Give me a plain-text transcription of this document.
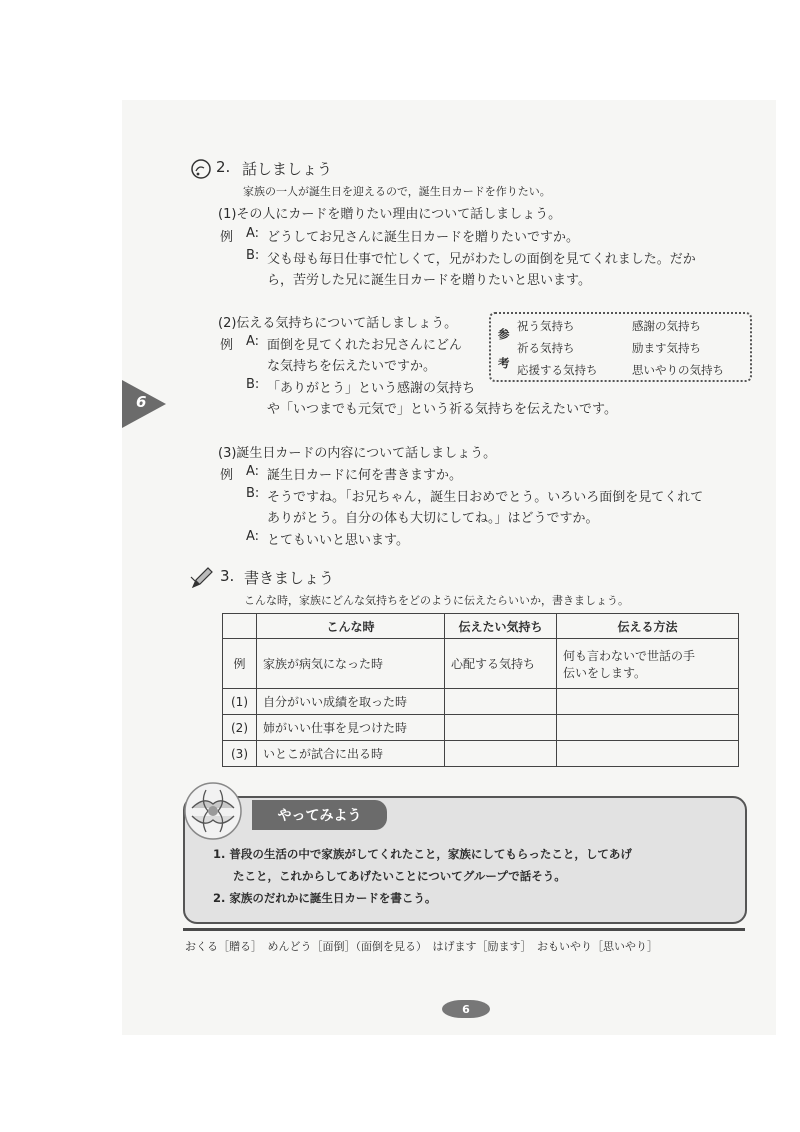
6
2. 話しましょう
家族の一人が誕生日を迎えるので，誕生日カードを作りたい。
(1)その人にカードを贈りたい理由について話しましょう。
例 A: どうしてお兄さんに誕生日カードを贈りたいですか。
B: 父も母も毎日仕事で忙しくて，兄がわたしの面倒を見てくれました。だか
ら，苦労した兄に誕生日カードを贈りたいと思います。
(2)伝える気持ちについて話しましょう。
例 A: 面倒を見てくれたお兄さんにどん
な気持ちを伝えたいですか。
B: 「ありがとう」という感謝の気持ち
や「いつまでも元気で」という祈る気持ちを伝えたいです。
参
考
祝う気持ち	感謝の気持ち
祈る気持ち	励ます気持ち
応援する気持ち	思いやりの気持ち
(3)誕生日カードの内容について話しましょう。
例 A: 誕生日カードに何を書きますか。
B: そうですね。「お兄ちゃん，誕生日おめでとう。いろいろ面倒を見てくれて
ありがとう。自分の体も大切にしてね。」はどうですか。
A: とてもいいと思います。
3. 書きましょう
こんな時，家族にどんな気持ちをどのように伝えたらいいか，書きましょう。
	こんな時	伝えたい気持ち	伝える方法
例	家族が病気になった時	心配する気持ち	何も言わないで世話の手
伝いをします。

(1)	自分がいい成績を取った時		
(2)	姉がいい仕事を見つけた時		
(3)	いとこが試合に出る時		
やってみよう
1. 普段の生活の中で家族がしてくれたこと，家族にしてもらったこと，してあげ
たこと，これからしてあげたいことについてグループで話そう。
2. 家族のだれかに誕生日カードを書こう。
おくる［贈る］　めんどう［面倒］（面倒を見る）　はげます［励ます］　おもいやり［思いやり］
6
